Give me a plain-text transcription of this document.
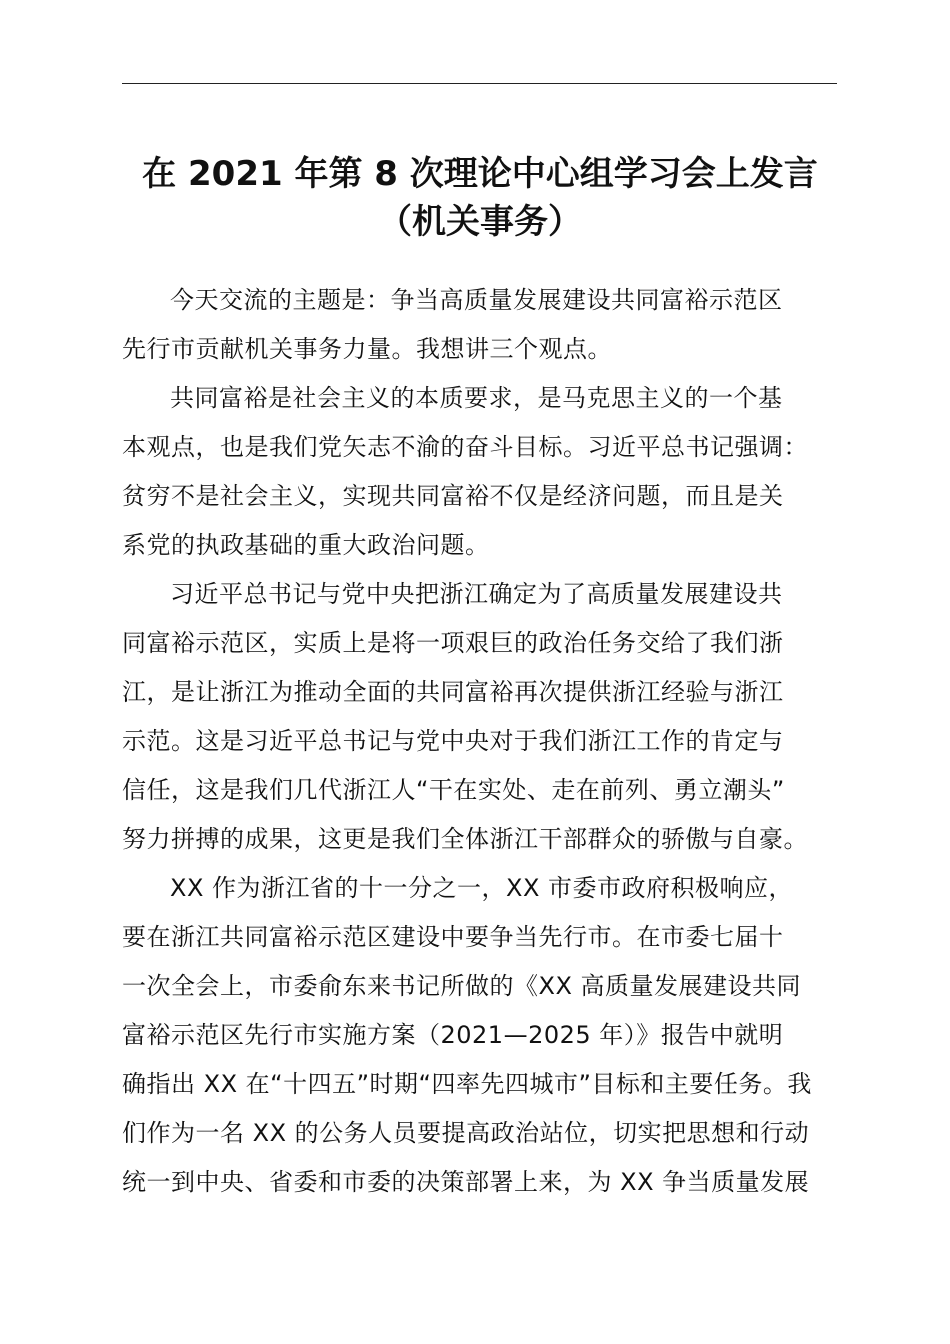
在 2021 年第 8 次理论中心组学习会上发言
（机关事务）

今天交流的主题是：争当高质量发展建设共同富裕示范区
先行市贡献机关事务力量。我想讲三个观点。

共同富裕是社会主义的本质要求，是马克思主义的一个基
本观点，也是我们党矢志不渝的奋斗目标。习近平总书记强调：
贫穷不是社会主义，实现共同富裕不仅是经济问题，而且是关
系党的执政基础的重大政治问题。

习近平总书记与党中央把浙江确定为了高质量发展建设共
同富裕示范区，实质上是将一项艰巨的政治任务交给了我们浙
江，是让浙江为推动全面的共同富裕再次提供浙江经验与浙江
示范。这是习近平总书记与党中央对于我们浙江工作的肯定与
信任，这是我们几代浙江人“干在实处、走在前列、勇立潮头”
努力拼搏的成果，这更是我们全体浙江干部群众的骄傲与自豪。

XX 作为浙江省的十一分之一，XX 市委市政府积极响应，
要在浙江共同富裕示范区建设中要争当先行市。在市委七届十
一次全会上，市委俞东来书记所做的《XX 高质量发展建设共同
富裕示范区先行市实施方案（2021—2025 年）》报告中就明
确指出 XX 在“十四五”时期“四率先四城市”目标和主要任务。我
们作为一名 XX 的公务人员要提高政治站位，切实把思想和行动
统一到中央、省委和市委的决策部署上来，为 XX 争当质量发展
